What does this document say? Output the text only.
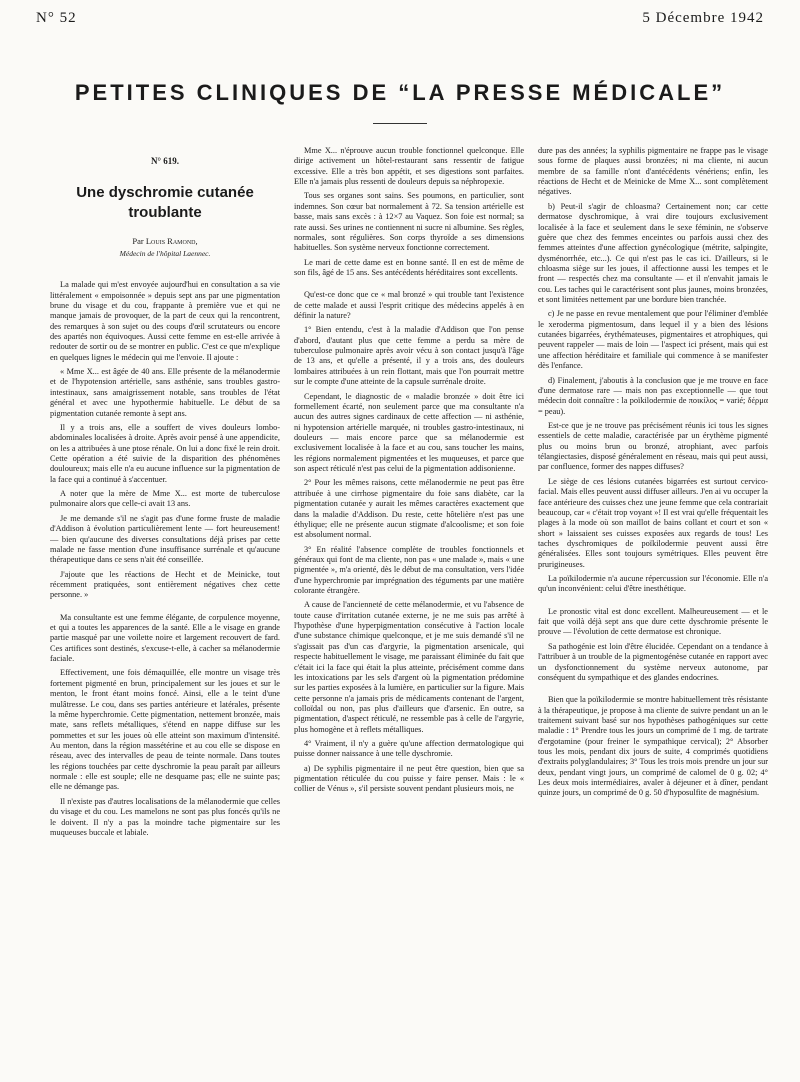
N° 52	5 Décembre 1942
PETITES CLINIQUES DE “LA PRESSE MÉDICALE”
N° 619.
Une dyschromie cutanée troublante
Par Louis Ramond,
Médecin de l'hôpital Laennec.

La malade qui m'est envoyée aujourd'hui en consultation a sa vie littéralement « empoisonnée » depuis sept ans par une pigmentation brune du visage et du cou, frappante à première vue et qui ne manque jamais de provoquer, de la part de ceux qui la rencontrent, des remarques à son sujet ou des coups d'œil scrutateurs ou encore des apartés non équivoques. Aussi cette femme en est-elle arrivée à redouter de sortir ou de se montrer en public. C'est ce que m'explique en quelques lignes le médecin qui me l'envoie. Il ajoute :

« Mme X... est âgée de 40 ans. Elle présente de la mélanodermie et de l'hypotension artérielle, sans asthénie, sans troubles gastro-intestinaux, sans amaigrissement notable, sans troubles de l'état général et avec une hypothermie habituelle. Le début de sa pigmentation cutanée remonte à sept ans.

Il y a trois ans, elle a souffert de vives douleurs lombo-abdominales localisées à droite. Après avoir pensé à une appendicite, on les a attribuées à une ptose rénale. On lui a donc fixé le rein droit. Cette opération a été suivie de la disparition des phénomènes douloureux; mais elle n'a eu aucune influence sur la pigmentation de la face qui a continué à s'accentuer.

A noter que la mère de Mme X... est morte de tuberculose pulmonaire alors que celle-ci avait 13 ans.

Je me demande s'il ne s'agit pas d'une forme fruste de maladie d'Addison à évolution particulièrement lente — fort heureusement! — bien qu'aucune des diverses consultations déjà prises par cette malade ne fasse mention d'une insuffisance surrénale et qu'aucune thérapeutique dans ce sens n'ait été conseillée.

J'ajoute que les réactions de Hecht et de Meinicke, tout récemment pratiquées, sont entièrement négatives chez cette personne. »

Ma consultante est une femme élégante, de corpulence moyenne, et qui a toutes les apparences de la santé. Elle a le visage en grande partie masqué par une voilette noire et largement recouvert de fard. Ces artifices sont destinés, s'excuse-t-elle, à cacher sa mélanodermie faciale.

Effectivement, une fois démaquillée, elle montre un visage très fortement pigmenté en brun, principalement sur les joues et sur le menton, le front étant moins foncé. Ainsi, elle a le teint d'une mulâtresse. Le cou, dans ses parties antérieure et latérales, présente la même hyperchromie. Cette pigmentation, nettement bronzée, mais mate, sans reflets métalliques, s'étend en nappe diffuse sur les pommettes et sur les joues où elle atteint son maximum d'intensité. Au menton, dans la région massétérine et au cou elle se dispose en réseau, avec des intervalles de peau de teinte normale. Dans toutes les régions touchées par cette dyschromie la peau paraît par ailleurs normale : elle est souple; elle ne desquame pas; elle ne suinte pas; elle ne démange pas.

Il n'existe pas d'autres localisations de la mélanodermie que celles du visage et du cou. Les mamelons ne sont pas plus foncés qu'ils ne le doivent. Il n'y a pas la moindre tache pigmentaire sur les muqueuses buccale et labiale.

Mme X... n'éprouve aucun trouble fonctionnel quelconque. Elle dirige activement un hôtel-restaurant sans ressentir de fatigue excessive. Elle a très bon appétit, et ses digestions sont parfaites. Elle n'a jamais plus ressenti de douleurs depuis sa néphropexie.

Tous ses organes sont sains. Ses poumons, en particulier, sont indemnes. Son cœur bat normalement à 72. Sa tension artérielle est basse, mais sans excès : à 12×7 au Vaquez. Son foie est normal; sa rate aussi. Ses urines ne contiennent ni sucre ni albumine. Ses règles, normales, sont régulières. Son corps thyroïde a ses dimensions habituelles. Son système nerveux fonctionne correctement.

Le mari de cette dame est en bonne santé. Il en est de même de son fils, âgé de 15 ans. Ses antécédents héréditaires sont excellents.

Qu'est-ce donc que ce « mal bronzé » qui trouble tant l'existence de cette malade et aussi l'esprit critique des médecins appelés à en définir la nature?

1° Bien entendu, c'est à la maladie d'Addison que l'on pense d'abord, d'autant plus que cette femme a perdu sa mère de tuberculose pulmonaire après avoir vécu à son contact jusqu'à l'âge de 13 ans, et qu'elle a présenté, il y a trois ans, des douleurs lombaires attribuées à un rein flottant, mais que l'on pourrait mettre sur le compte d'une atteinte de la capsule surrénale droite.

Cependant, le diagnostic de « maladie bronzée » doit être ici formellement écarté, non seulement parce que ma consultante n'a aucun des autres signes cardinaux de cette affection — ni asthénie, ni hypotension artérielle marquée, ni troubles gastro-intestinaux, ni douleurs — mais encore parce que sa mélanodermie est exclusivement localisée à la face et au cou, sans toucher les mains, les régions normalement pigmentées et les muqueuses, et parce que son aspect réticulé n'est pas celui de la pigmentation addisonienne.

2° Pour les mêmes raisons, cette mélanodermie ne peut pas être attribuée à une cirrhose pigmentaire du foie sans diabète, car la pigmentation cutanée y aurait les mêmes caractères exactement que dans la maladie d'Addison. Du reste, cette hôtelière n'est pas une éthylique; elle ne présente aucun stigmate d'alcoolisme; et son foie est absolument normal.

3° En réalité l'absence complète de troubles fonctionnels et généraux qui font de ma cliente, non pas « une malade », mais « une pigmentée », m'a orienté, dès le début de ma consultation, vers l'idée d'une hyperchromie par imprégnation des téguments par une matière colorante étrangère.

A cause de l'ancienneté de cette mélanodermie, et vu l'absence de toute cause d'irritation cutanée externe, je ne me suis pas arrêté à l'hypothèse d'une hyperpigmentation consécutive à l'action locale d'une substance chimique quelconque, et je me suis demandé s'il ne s'agissait pas d'un cas d'argyrie, la pigmentation arsenicale, qui respecte habituellement le visage, me paraissant éliminée du fait que c'était ici la face qui était la plus atteinte, précisément comme dans les intoxications par les sels d'argent où la pigmentation prédomine sur les parties exposées à la lumière, en particulier sur la figure. Mais cette personne n'a jamais pris de médicaments contenant de l'argent, colloïdal ou non, pas plus d'ailleurs que d'arsenic. En outre, sa pigmentation, d'aspect réticulé, ne ressemble pas à celle de l'argyrie, plus homogène et à reflets métalliques.

4° Vraiment, il n'y a guère qu'une affection dermatologique qui puisse donner naissance à une telle dyschromie.

a) De syphilis pigmentaire il ne peut être question, bien que sa pigmentation réticulée du cou puisse y faire penser. Mais : le « collier de Vénus », s'il persiste souvent pendant plusieurs mois, ne

dure pas des années; la syphilis pigmentaire ne frappe pas le visage sous forme de plaques aussi bronzées; ni ma cliente, ni aucun membre de sa famille n'ont d'antécédents vénériens; enfin, les réactions de Hecht et de Meinicke de Mme X... sont complètement négatives.

b) Peut-il s'agir de chloasma? Certainement non; car cette dermatose dyschromique, à vrai dire toujours exclusivement localisée à la face et seulement dans le sexe féminin, ne s'observe guère que chez des femmes enceintes ou parfois aussi chez des femmes atteintes d'une affection gynécologique (métrite, salpingite, dysménorrhée, etc...). Ce qui n'est pas le cas ici. D'ailleurs, si le chloasma siège sur les joues, il affectionne aussi les tempes et le front — respectés chez ma consultante — et il n'envahit jamais le cou. Les taches qui le caractérisent sont plus jaunes, moins bronzées, et sont limitées nettement par une bordure bien tranchée.

c) Je ne passe en revue mentalement que pour l'éliminer d'emblée le xeroderma pigmentosum, dans lequel il y a bien des lésions cutanées bigarrées, érythémateuses, pigmentaires et atrophiques, qui peuvent rappeler — mais de loin — l'aspect ici présent, mais qui est une affection héréditaire et familiale qui commence à se manifester dès l'enfance.

d) Finalement, j'aboutis à la conclusion que je me trouve en face d'une dermatose rare — mais non pas exceptionnelle — que tout médecin doit connaître : la poïkilodermie de ποικίλος = varié; δέρμα = peau).

Est-ce que je ne trouve pas précisément réunis ici tous les signes essentiels de cette maladie, caractérisée par un érythème pigmenté plus ou moins brun ou bronzé, atrophiant, avec parfois télangiectasies, disposé généralement en réseau, mais qui peut aussi, par confluence, former des nappes diffuses?

Le siège de ces lésions cutanées bigarrées est surtout cervico-facial. Mais elles peuvent aussi diffuser ailleurs. J'en ai vu occuper la face antérieure des cuisses chez une jeune femme que cela contrariait beaucoup, car « c'était trop voyant »! Il est vrai qu'elle fréquentait les plages à la mode où son maillot de bains collant et court et son « short » laissaient ses cuisses exposées aux regards de tous! Les taches dyschromiques de poïkilodermie peuvent aussi être généralisées. Elles sont toujours symétriques. Elles peuvent être prurigineuses.

La poïkilodermie n'a aucune répercussion sur l'économie. Elle n'a qu'un inconvénient: celui d'être inesthétique.

Le pronostic vital est donc excellent. Malheureusement — et le fait que voilà déjà sept ans que dure cette dyschromie présente le prouve — l'évolution de cette dermatose est chronique.

Sa pathogénie est loin d'être élucidée. Cependant on a tendance à l'attribuer à un trouble de la pigmentogénèse cutanée en rapport avec un dysfonctionnement du système nerveux autonome, par conséquent du sympathique et des glandes endocrines.

Bien que la poïkilodermie se montre habituellement très résistante à la thérapeutique, je propose à ma cliente de suivre pendant un an le traitement suivant basé sur nos hypothèses pathogéniques sur cette maladie : 1° Prendre tous les jours un comprimé de 1 mg. de tartrate d'ergotamine (pour freiner le sympathique cervical); 2° Absorber tous les mois, pendant dix jours de suite, 4 comprimés quotidiens d'extraits polyglandulaires; 3° Tous les trois mois prendre un jour sur deux, pendant vingt jours, un comprimé de calomel de 0 g. 02; 4° Les deux mois intermédiaires, avaler à déjeuner et à dîner, pendant quinze jours, un comprimé de 0 g. 50 d'hyposulfite de magnésium.
